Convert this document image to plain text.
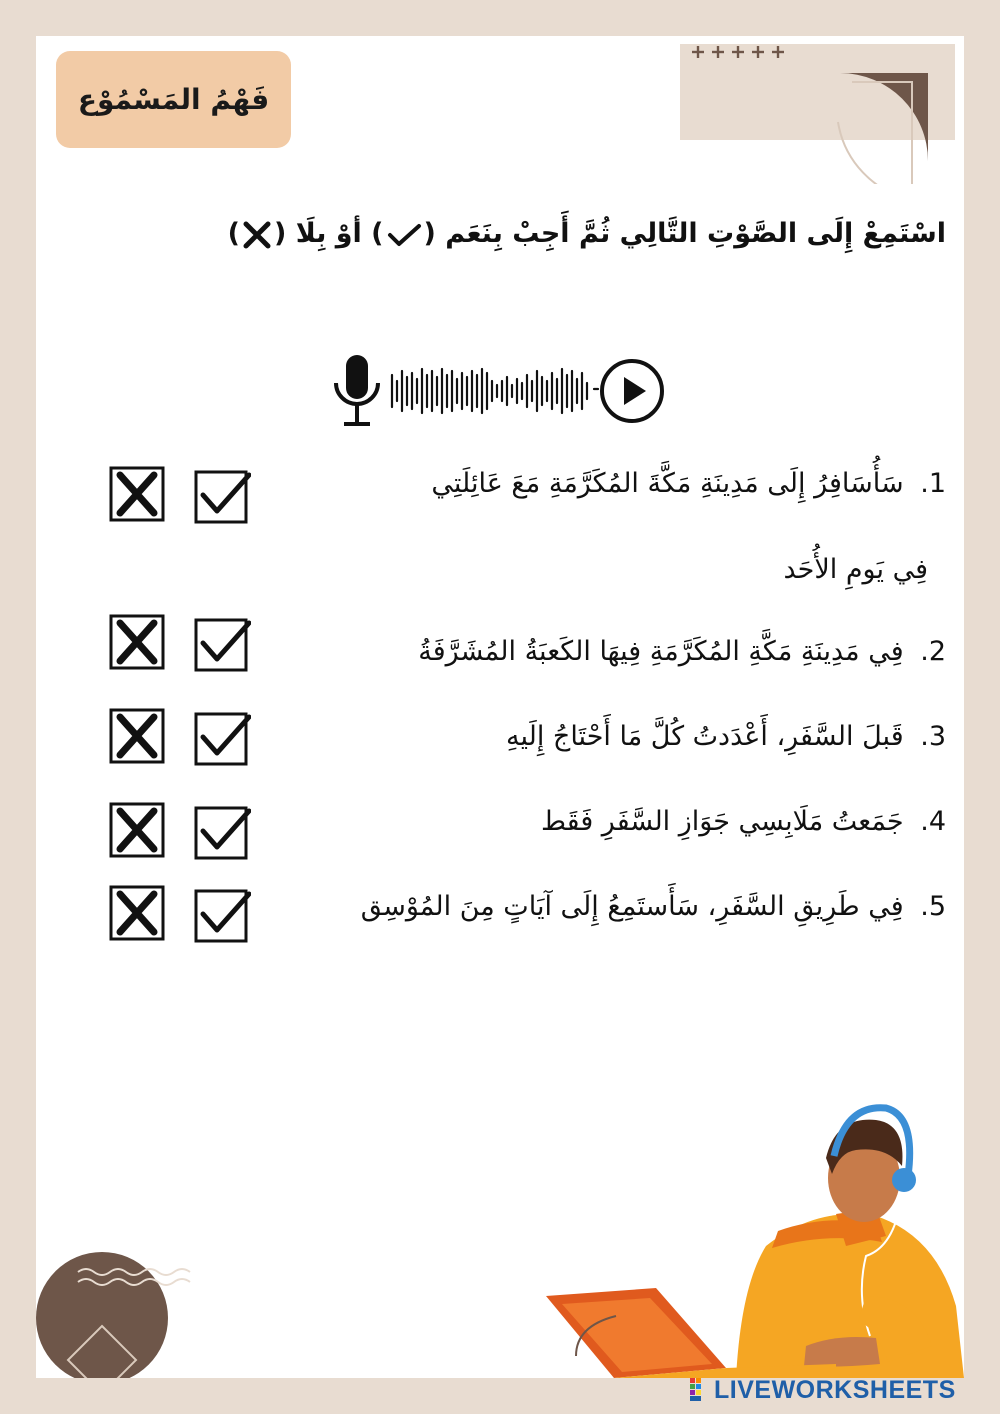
فَهْمُ المَسْمُوْع
اسْتَمِعْ إِلَى الصَّوْتِ التَّالِي ثُمَّ أَجِبْ بِنَعَم () أوْ بِلَا ()
1. سَأُسَافِرُ إِلَى مَدِينَةِ مَكَّةَ المُكَرَّمَةِ مَعَ عَائِلَتِي
فِي يَومِ الأُحَد
2. فِي مَدِينَةِ مَكَّةِ المُكَرَّمَةِ فِيهَا الكَعبَةُ المُشَرَّفَةُ
3. قَبلَ السَّفَرِ، أَعْدَدتُ كُلَّ مَا أَحْتَاجُ إِلَيهِ
4. جَمَعتُ مَلَابِسِي جَوَازِ السَّفَرِ فَقَط
5. فِي طَرِيقِ السَّفَرِ، سَأَستَمِعُ إِلَى آيَاتٍ مِنَ المُوْسِق
LIVEWORKSHEETS
